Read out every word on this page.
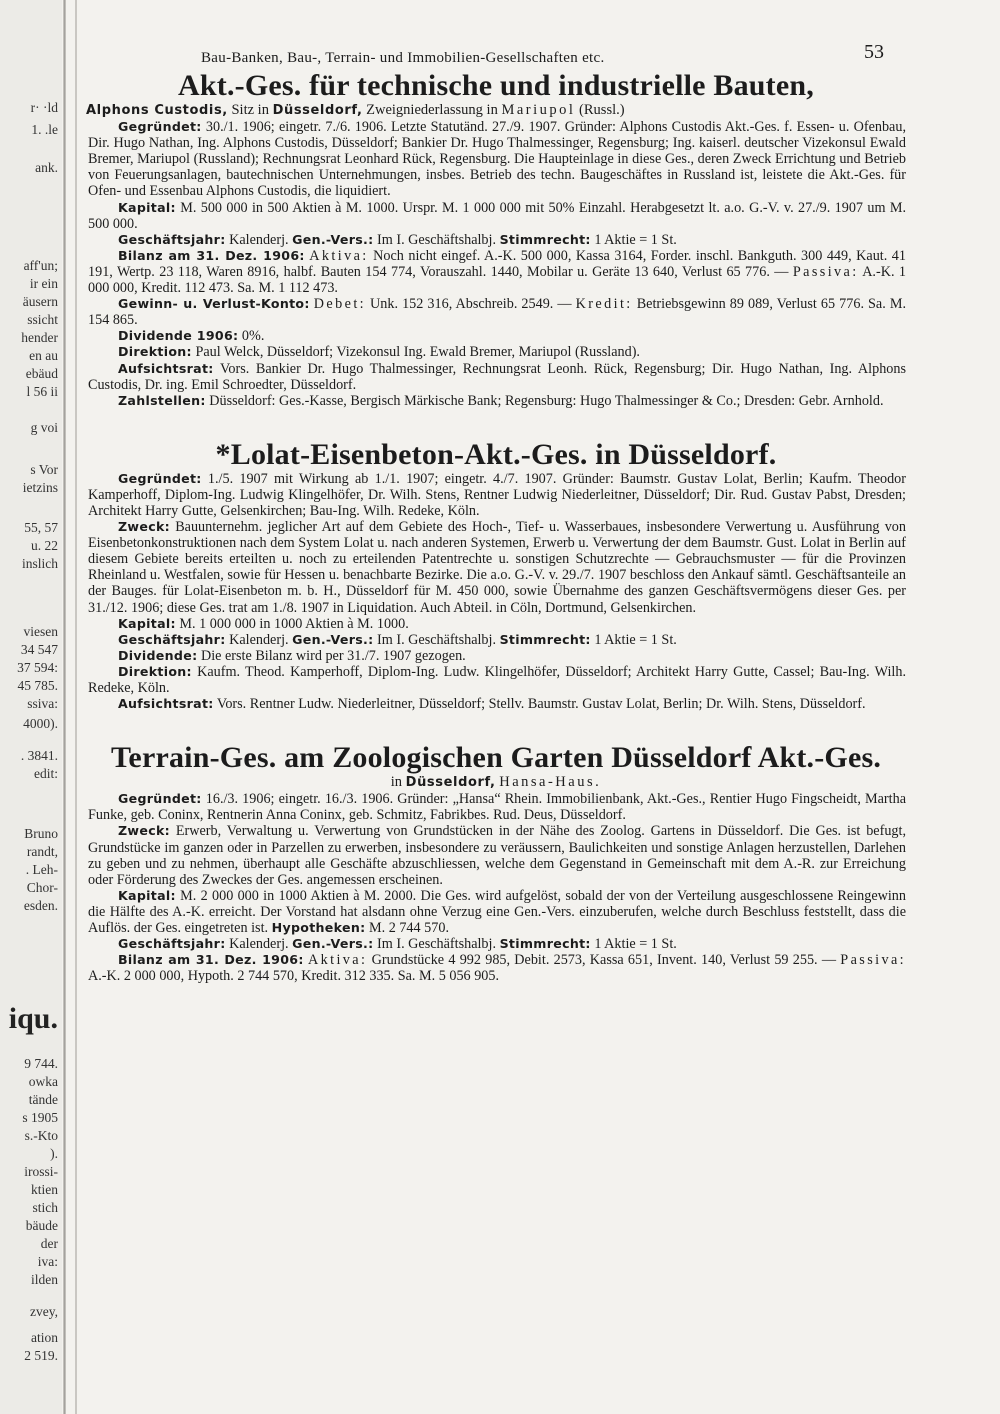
r· ·ld
1. .le
ank.
aff'un;
ir ein
äusern
ssicht
hender
en au
ebäud
l 56 ii
g voi
s Vor
ietzins
55, 57
u. 22
inslich
viesen
34 547
37 594:
45 785.
ssiva:
4000).
. 3841.
edit:
Bruno
randt,
. Leh-
Chor-
esden.
iqu.
9 744.
owka
tände
s 1905
s.-Kto
).
irossi-
ktien
stich
bäude
der
iva:
ilden
zvey,
ation
2 519.
Bau-Banken, Bau-, Terrain- und Immobilien-Gesellschaften etc.	53
Akt.-Ges. für technische und industrielle Bauten,
Alphons Custodis, Sitz in Düsseldorf, Zweigniederlassung in Mariupol (Russl.)

Gegründet: 30./1. 1906; eingetr. 7./6. 1906. Letzte Statutänd. 27./9. 1907. Gründer: Alphons Custodis Akt.-Ges. f. Essen- u. Ofenbau, Dir. Hugo Nathan, Ing. Alphons Custodis, Düsseldorf; Bankier Dr. Hugo Thalmessinger, Regensburg; Ing. kaiserl. deutscher Vizekonsul Ewald Bremer, Mariupol (Russland); Rechnungsrat Leonhard Rück, Regensburg. Die Haupteinlage in diese Ges., deren Zweck Errichtung und Betrieb von Feuerungsanlagen, bautechnischen Unternehmungen, insbes. Betrieb des techn. Baugeschäftes in Russland ist, leistete die Akt.-Ges. für Ofen- und Essenbau Alphons Custodis, die liquidiert.

Kapital: M. 500 000 in 500 Aktien à M. 1000. Urspr. M. 1 000 000 mit 50% Einzahl. Herabgesetzt lt. a.o. G.-V. v. 27./9. 1907 um M. 500 000.

Geschäftsjahr: Kalenderj. Gen.-Vers.: Im I. Geschäftshalbj. Stimmrecht: 1 Aktie = 1 St.

Bilanz am 31. Dez. 1906: Aktiva: Noch nicht eingef. A.-K. 500 000, Kassa 3164, Forder. inschl. Bankguth. 300 449, Kaut. 41 191, Wertp. 23 118, Waren 8916, halbf. Bauten 154 774, Vorauszahl. 1440, Mobilar u. Geräte 13 640, Verlust 65 776. — Passiva: A.-K. 1 000 000, Kredit. 112 473. Sa. M. 1 112 473.

Gewinn- u. Verlust-Konto: Debet: Unk. 152 316, Abschreib. 2549. — Kredit: Betriebsgewinn 89 089, Verlust 65 776. Sa. M. 154 865.

Dividende 1906: 0%.

Direktion: Paul Welck, Düsseldorf; Vizekonsul Ing. Ewald Bremer, Mariupol (Russland).

Aufsichtsrat: Vors. Bankier Dr. Hugo Thalmessinger, Rechnungsrat Leonh. Rück, Regensburg; Dir. Hugo Nathan, Ing. Alphons Custodis, Dr. ing. Emil Schroedter, Düsseldorf.

Zahlstellen: Düsseldorf: Ges.-Kasse, Bergisch Märkische Bank; Regensburg: Hugo Thalmessinger & Co.; Dresden: Gebr. Arnhold.

*Lolat-Eisenbeton-Akt.-Ges. in Düsseldorf.

Gegründet: 1./5. 1907 mit Wirkung ab 1./1. 1907; eingetr. 4./7. 1907. Gründer: Baumstr. Gustav Lolat, Berlin; Kaufm. Theodor Kamperhoff, Diplom-Ing. Ludwig Klingelhöfer, Dr. Wilh. Stens, Rentner Ludwig Niederleitner, Düsseldorf; Dir. Rud. Gustav Pabst, Dresden; Architekt Harry Gutte, Gelsenkirchen; Bau-Ing. Wilh. Redeke, Köln.

Zweck: Bauunternehm. jeglicher Art auf dem Gebiete des Hoch-, Tief- u. Wasserbaues, insbesondere Verwertung u. Ausführung von Eisenbetonkonstruktionen nach dem System Lolat u. nach anderen Systemen, Erwerb u. Verwertung der dem Baumstr. Gust. Lolat in Berlin auf diesem Gebiete bereits erteilten u. noch zu erteilenden Patentrechte u. sonstigen Schutzrechte — Gebrauchsmuster — für die Provinzen Rheinland u. Westfalen, sowie für Hessen u. benachbarte Bezirke. Die a.o. G.-V. v. 29./7. 1907 beschloss den Ankauf sämtl. Geschäftsanteile an der Bauges. für Lolat-Eisenbeton m. b. H., Düsseldorf für M. 450 000, sowie Übernahme des ganzen Geschäftsvermögens dieser Ges. per 31./12. 1906; diese Ges. trat am 1./8. 1907 in Liquidation. Auch Abteil. in Cöln, Dortmund, Gelsenkirchen.

Kapital: M. 1 000 000 in 1000 Aktien à M. 1000.

Geschäftsjahr: Kalenderj. Gen.-Vers.: Im I. Geschäftshalbj. Stimmrecht: 1 Aktie = 1 St.

Dividende: Die erste Bilanz wird per 31./7. 1907 gezogen.

Direktion: Kaufm. Theod. Kamperhoff, Diplom-Ing. Ludw. Klingelhöfer, Düsseldorf; Architekt Harry Gutte, Cassel; Bau-Ing. Wilh. Redeke, Köln.

Aufsichtsrat: Vors. Rentner Ludw. Niederleitner, Düsseldorf; Stellv. Baumstr. Gustav Lolat, Berlin; Dr. Wilh. Stens, Düsseldorf.

Terrain-Ges. am Zoologischen Garten Düsseldorf Akt.-Ges.
in Düsseldorf, Hansa-Haus.

Gegründet: 16./3. 1906; eingetr. 16./3. 1906. Gründer: „Hansa“ Rhein. Immobilienbank, Akt.-Ges., Rentier Hugo Fingscheidt, Martha Funke, geb. Coninx, Rentnerin Anna Coninx, geb. Schmitz, Fabrikbes. Rud. Deus, Düsseldorf.

Zweck: Erwerb, Verwaltung u. Verwertung von Grundstücken in der Nähe des Zoolog. Gartens in Düsseldorf. Die Ges. ist befugt, Grundstücke im ganzen oder in Parzellen zu erwerben, insbesondere zu veräussern, Baulichkeiten und sonstige Anlagen herzustellen, Darlehen zu geben und zu nehmen, überhaupt alle Geschäfte abzuschliessen, welche dem Gegenstand in Gemeinschaft mit dem A.-R. zur Erreichung oder Förderung des Zweckes der Ges. angemessen erscheinen.

Kapital: M. 2 000 000 in 1000 Aktien à M. 2000. Die Ges. wird aufgelöst, sobald der von der Verteilung ausgeschlossene Reingewinn die Hälfte des A.-K. erreicht. Der Vorstand hat alsdann ohne Verzug eine Gen.-Vers. einzuberufen, welche durch Beschluss feststellt, dass die Auflös. der Ges. eingetreten ist. Hypotheken: M. 2 744 570.

Geschäftsjahr: Kalenderj. Gen.-Vers.: Im I. Geschäftshalbj. Stimmrecht: 1 Aktie = 1 St.

Bilanz am 31. Dez. 1906: Aktiva: Grundstücke 4 992 985, Debit. 2573, Kassa 651, Invent. 140, Verlust 59 255. — Passiva: A.-K. 2 000 000, Hypoth. 2 744 570, Kredit. 312 335. Sa. M. 5 056 905.
